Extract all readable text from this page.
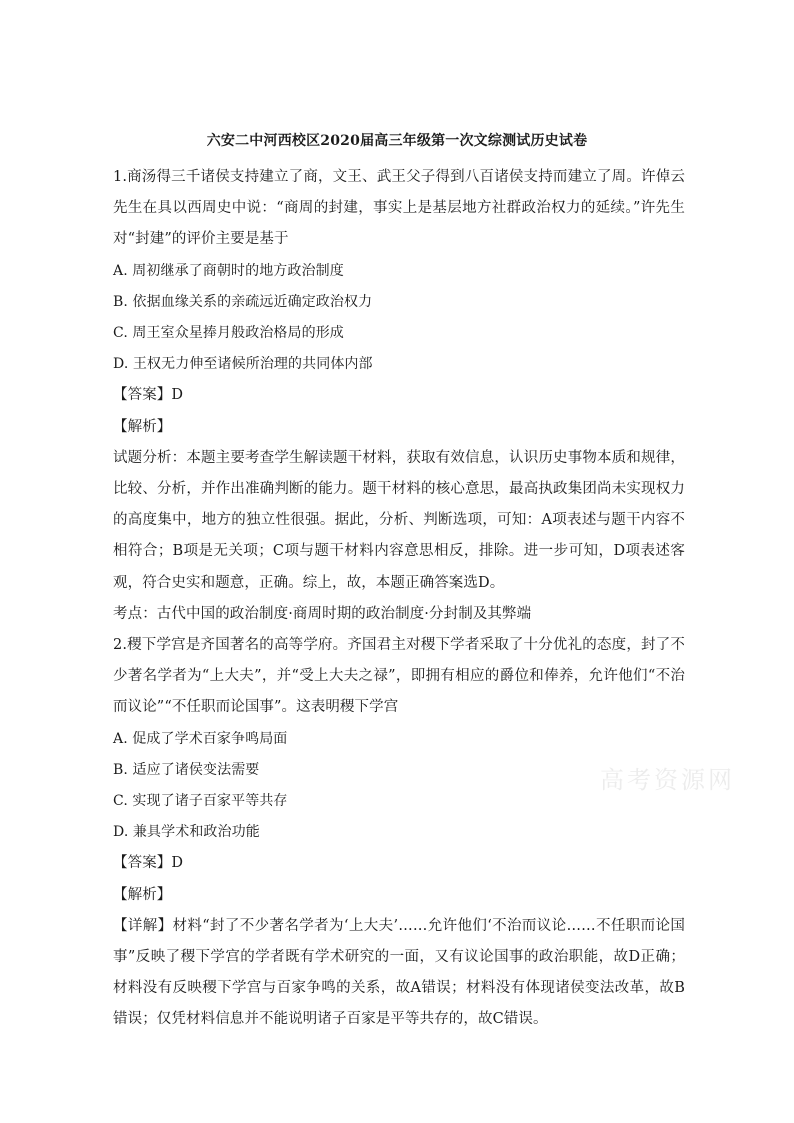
六安二中河西校区2020届高三年级第一次文综测试历史试卷

1.商汤得三千诸侯支持建立了商，文王、武王父子得到八百诸侯支持而建立了周。许倬云先生在具以西周史中说：“商周的封建，事实上是基层地方社群政治权力的延续。”许先生对“封建”的评价主要是基于

A. 周初继承了商朝时的地方政治制度

B. 依据血缘关系的亲疏远近确定政治权力

C. 周王室众星捧月般政治格局的形成

D. 王权无力伸至诸候所治理的共同体内部

【答案】D

【解析】

试题分析：本题主要考查学生解读题干材料，获取有效信息，认识历史事物本质和规律，比较、分析，并作出准确判断的能力。题干材料的核心意思，最高执政集团尚未实现权力的高度集中，地方的独立性很强。据此，分析、判断选项，可知：A项表述与题干内容不相符合；B项是无关项；C项与题干材料内容意思相反，排除。进一步可知，D项表述客观，符合史实和题意，正确。综上，故，本题正确答案选D。

考点：古代中国的政治制度·商周时期的政治制度·分封制及其弊端

2.稷下学宫是齐国著名的高等学府。齐国君主对稷下学者采取了十分优礼的态度，封了不少著名学者为“上大夫”，并“受上大夫之禄”，即拥有相应的爵位和俸养，允许他们“不治而议论”“不任职而论国事”。这表明稷下学宫

A. 促成了学术百家争鸣局面

B. 适应了诸侯变法需要

C. 实现了诸子百家平等共存

D. 兼具学术和政治功能

【答案】D

【解析】

【详解】材料“封了不少著名学者为‘上大夫’……允许他们‘不治而议论……不任职而论国事”反映了稷下学宫的学者既有学术研究的一面，又有议论国事的政治职能，故D正确；材料没有反映稷下学宫与百家争鸣的关系，故A错误；材料没有体现诸侯变法改革，故B错误；仅凭材料信息并不能说明诸子百家是平等共存的，故C错误。

高考资源网
